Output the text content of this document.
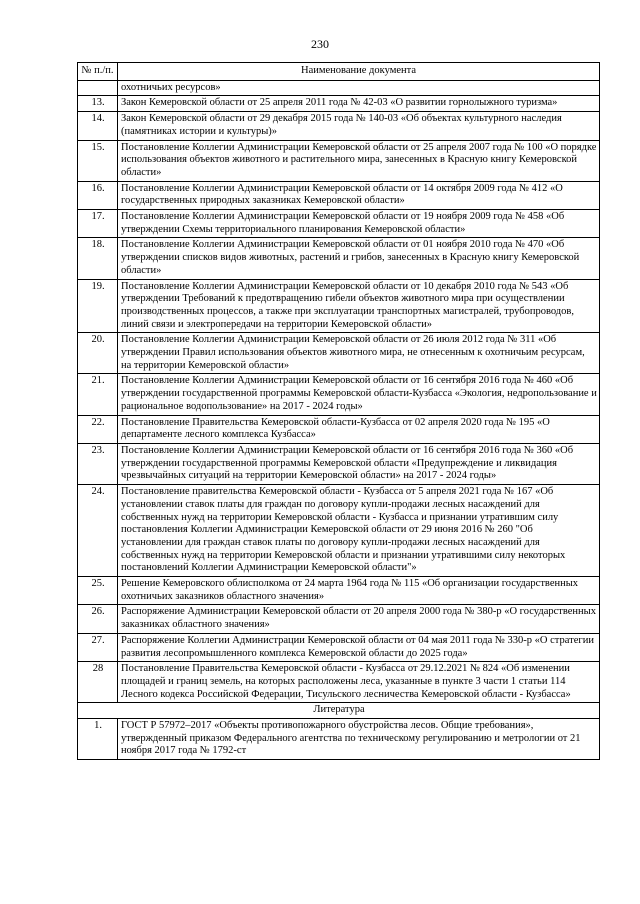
230
№ п./п.	Наименование документа
	охотничьих ресурсов»
13.	Закон Кемеровской области от 25 апреля 2011 года № 42-03 «О развитии горнолыжного туризма»
14.	Закон Кемеровской области от 29 декабря 2015 года № 140-03 «Об объектах культурного наследия (памятниках истории и культуры)»
15.	Постановление Коллегии Администрации Кемеровской области от 25 апреля 2007 года № 100 «О порядке использования объектов животного и растительного мира, занесенных в Красную книгу Кемеровской области»
16.	Постановление Коллегии Администрации Кемеровской области от 14 октября 2009 года № 412 «О государственных природных заказниках Кемеровской области»
17.	Постановление Коллегии Администрации Кемеровской области от 19 ноября 2009 года № 458 «Об утверждении Схемы территориального планирования Кемеровской области»
18.	Постановление Коллегии Администрации Кемеровской области от 01 ноября 2010 года № 470 «Об утверждении списков видов животных, растений и грибов, занесенных в Красную книгу Кемеровской области»
19.	Постановление Коллегии Администрации Кемеровской области от 10 декабря 2010 года № 543 «Об утверждении Требований к предотвращению гибели объектов животного мира при осуществлении производственных процессов, а также при эксплуатации транспортных магистралей, трубопроводов, линий связи и электропередачи на территории Кемеровской области»
20.	Постановление Коллегии Администрации Кемеровской области от 26 июля 2012 года № 311 «Об утверждении Правил использования объектов животного мира, не отнесенным к охотничьим ресурсам, на территории Кемеровской области»
21.	Постановление Коллегии Администрации Кемеровской области от 16 сентября 2016 года № 460 «Об утверждении государственной программы Кемеровской области-Кузбасса «Экология, недропользование и рациональное водопользование» на 2017 - 2024 годы»
22.	Постановление Правительства Кемеровской области-Кузбасса от 02 апреля 2020 года № 195 «О департаменте лесного комплекса Кузбасса»
23.	Постановление Коллегии Администрации Кемеровской области от 16 сентября 2016 года № 360 «Об утверждении государственной программы Кемеровской области «Предупреждение и ликвидация чрезвычайных ситуаций на территории Кемеровской области» на 2017 - 2024 годы»
24.	Постановление правительства Кемеровской области - Кузбасса от 5 апреля 2021 года № 167 «Об установлении ставок платы для граждан по договору купли-продажи лесных насаждений для собственных нужд на территории Кемеровской области - Кузбасса и признании утратившим силу постановления Коллегии Администрации Кемеровской области от 29 июня 2016 № 260 "Об установлении для граждан ставок платы по договору купли-продажи лесных насаждений для собственных нужд на территории Кемеровской области и признании утратившими силу некоторых постановлений Коллегии Администрации Кемеровской области"»
25.	Решение Кемеровского облисполкома от 24 марта 1964 года № 115 «Об организации государственных охотничьих заказников областного значения»
26.	Распоряжение Администрации Кемеровской области от 20 апреля 2000 года № 380-р «О государственных заказниках областного значения»
27.	Распоряжение Коллегии Администрации Кемеровской области от 04 мая 2011 года № 330-р «О стратегии развития лесопромышленного комплекса Кемеровской области до 2025 года»
28	Постановление Правительства Кемеровской области - Кузбасса от 29.12.2021 № 824 «Об изменении площадей и границ земель, на которых расположены леса, указанные в пункте 3 части 1 статьи 114 Лесного кодекса Российской Федерации, Тисульского лесничества Кемеровской области - Кузбасса»
Литература	
1.	ГОСТ Р 57972–2017 «Объекты противопожарного обустройства лесов. Общие требования», утвержденный приказом Федерального агентства по техническому регулированию и метрологии от 21 ноября 2017 года № 1792-ст
